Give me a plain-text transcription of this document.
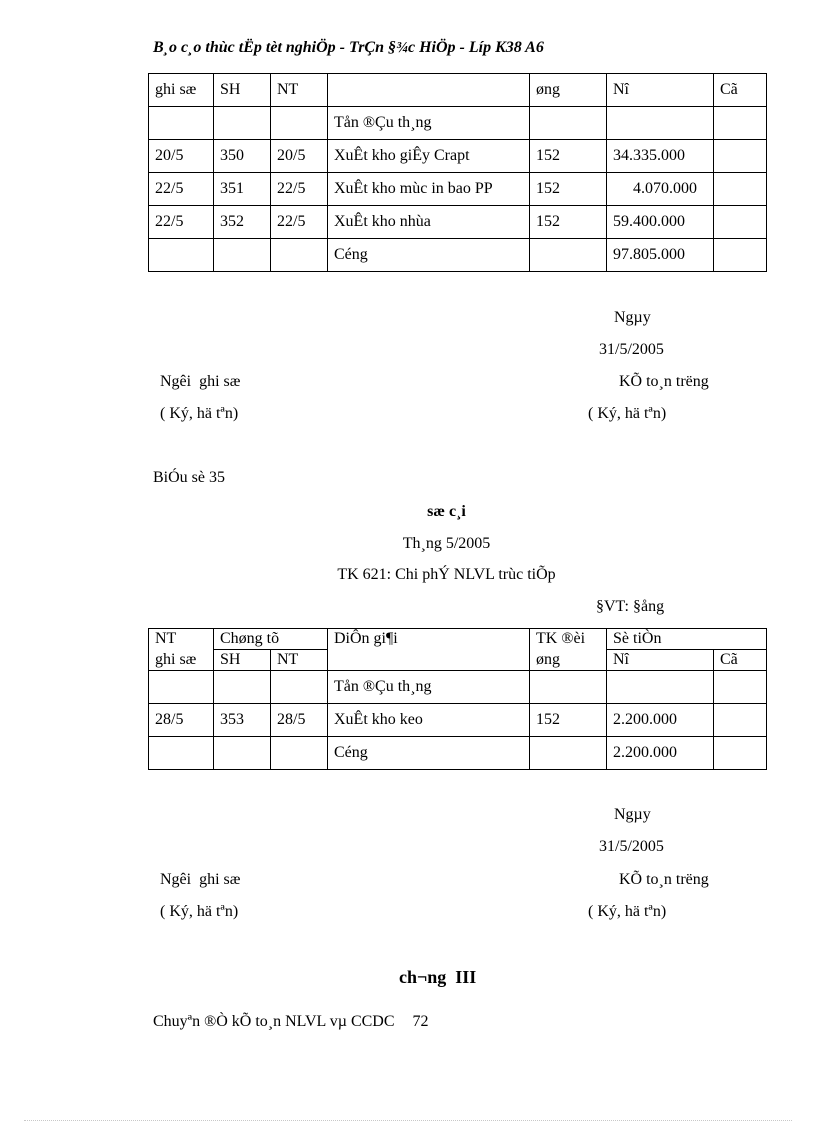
B¸o c¸o thùc tËp tèt nghiÖp - TrÇn §¾c HiÖp - Líp K38 A6
ghi sæ	SH	NT		øng	Nî	Cã
			Tån ®Çu th¸ng			
20/5	350	20/5	XuÊt kho giÊy Crapt	152	34.335.000	
22/5	351	22/5	XuÊt kho mùc in bao PP	152	4.070.000	
22/5	352	22/5	XuÊt kho nhùa	152	59.400.000	
			Céng		97.805.000	
Ngµy
31/5/2005
Ngêi  ghi sæ	KÕ to¸n trëng
( Ký, hä tªn)	( Ký, hä tªn)
BiÓu sè 35
sæ c¸i
Th¸ng 5/2005
TK 621: Chi phÝ NLVL trùc tiÕp
§VT: §ång
NT	Chøng tõ		DiÔn gi¶i	TK ®èi	Sè tiÒn	
ghi sæ	SH	NT		øng	Nî	Cã
			Tån ®Çu th¸ng			
28/5	353	28/5	XuÊt kho keo	152	2.200.000	
			Céng		2.200.000	
Ngµy
31/5/2005
Ngêi  ghi sæ	KÕ to¸n trëng
( Ký, hä tªn)	( Ký, hä tªn)
ch¬ng  III
Chuyªn ®Ò kÕ to¸n NLVL vµ CCDC 72
